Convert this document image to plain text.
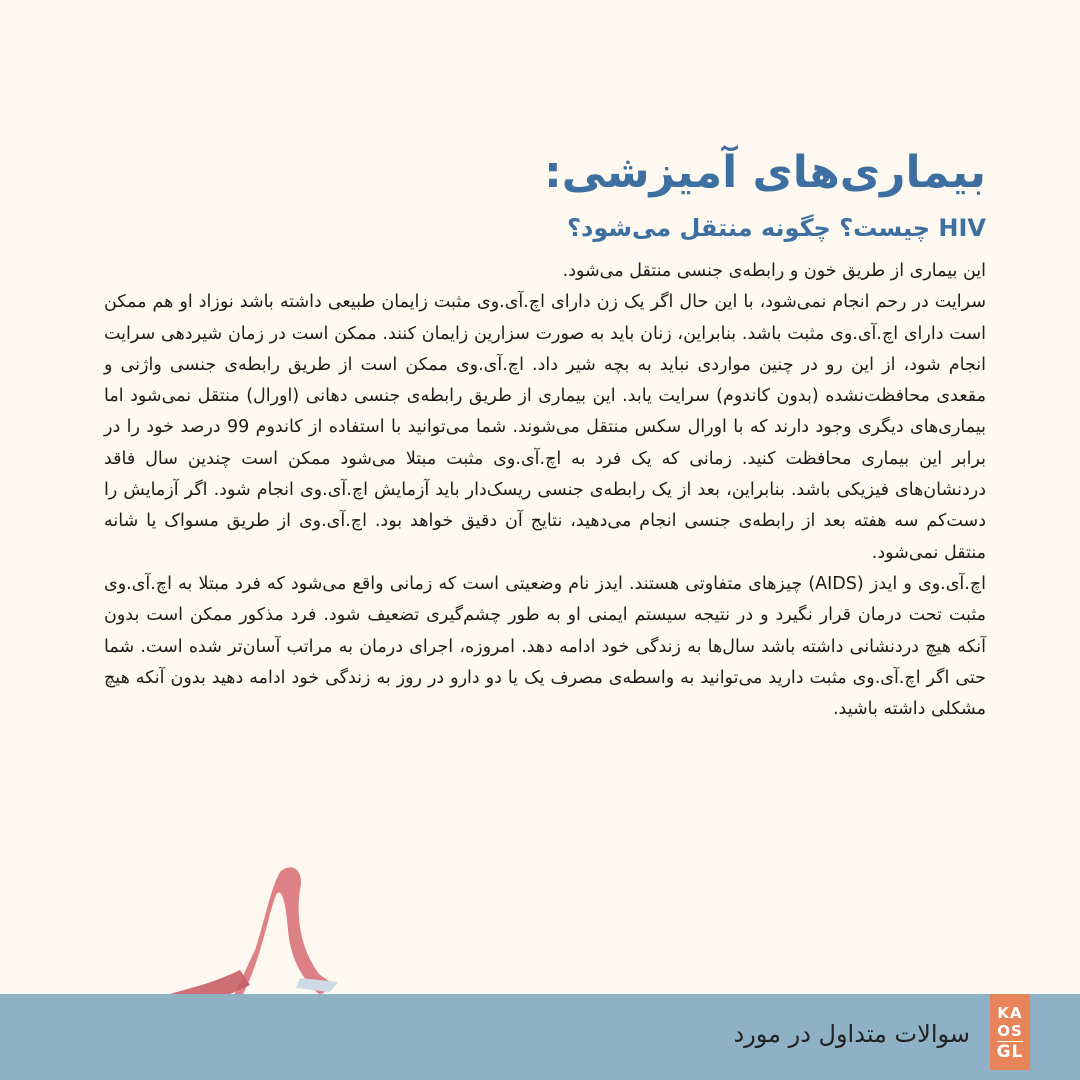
بیماری‌های آمیزشی:
HIV چیست؟ چگونه منتقل می‌شود؟

این بیماری از طریق خون و رابطه‌ی جنسی منتقل می‌شود.

سرایت در رحم انجام نمی‌شود، با این حال اگر یک زن دارای اچ.آی.وی مثبت زایمان طبیعی داشته باشد نوزاد او هم ممکن است دارای اچ.آی.وی مثبت باشد. بنابراین، زنان باید به صورت سزارین زایمان کنند. ممکن است در زمان شیردهی سرایت انجام شود، از این رو در چنین مواردی نباید به بچه شیر داد. اچ.آی.وی ممکن است از طریق رابطه‌ی جنسی واژنی و مقعدی محافظت‌نشده (بدون کاندوم) سرایت یابد. این بیماری از طریق رابطه‌ی جنسی دهانی (اورال) منتقل نمی‌شود اما بیماری‌های دیگری وجود دارند که با اورال سکس منتقل می‌شوند. شما می‌توانید با استفاده از کاندوم 99 درصد خود را در برابر این بیماری محافظت کنید. زمانی که یک فرد به اچ.آی.وی مثبت مبتلا می‌شود ممکن است چندین سال فاقد دردنشان‌های فیزیکی باشد. بنابراین، بعد از یک رابطه‌ی جنسی ریسک‌دار باید آزمایش اچ.آی.وی انجام شود. اگر آزمایش را دست‌کم سه هفته بعد از رابطه‌ی جنسی انجام می‌دهید، نتایج آن دقیق خواهد بود. اچ.آی.وی از طریق مسواک یا شانه منتقل نمی‌شود.

اچ.آی.وی و ایدز (AIDS) چیزهای متفاوتی هستند. ایدز نام وضعیتی است که زمانی واقع می‌شود که فرد مبتلا به اچ.آی.وی مثبت تحت درمان قرار نگیرد و در نتیجه سیستم ایمنی او به طور چشم‌گیری تضعیف شود. فرد مذکور ممکن است بدون آنکه هیچ دردنشانی داشته باشد سال‌ها به زندگی خود ادامه دهد. امروزه، اجرای درمان به مراتب آسان‌تر شده است. شما حتی اگر اچ.آی.وی مثبت دارید می‌توانید به واسطه‌ی مصرف یک یا دو دارو در روز به زندگی خود ادامه دهید بدون آنکه هیچ مشکلی داشته باشید.

سوالات متداول در مورد
KA
OS
GL
